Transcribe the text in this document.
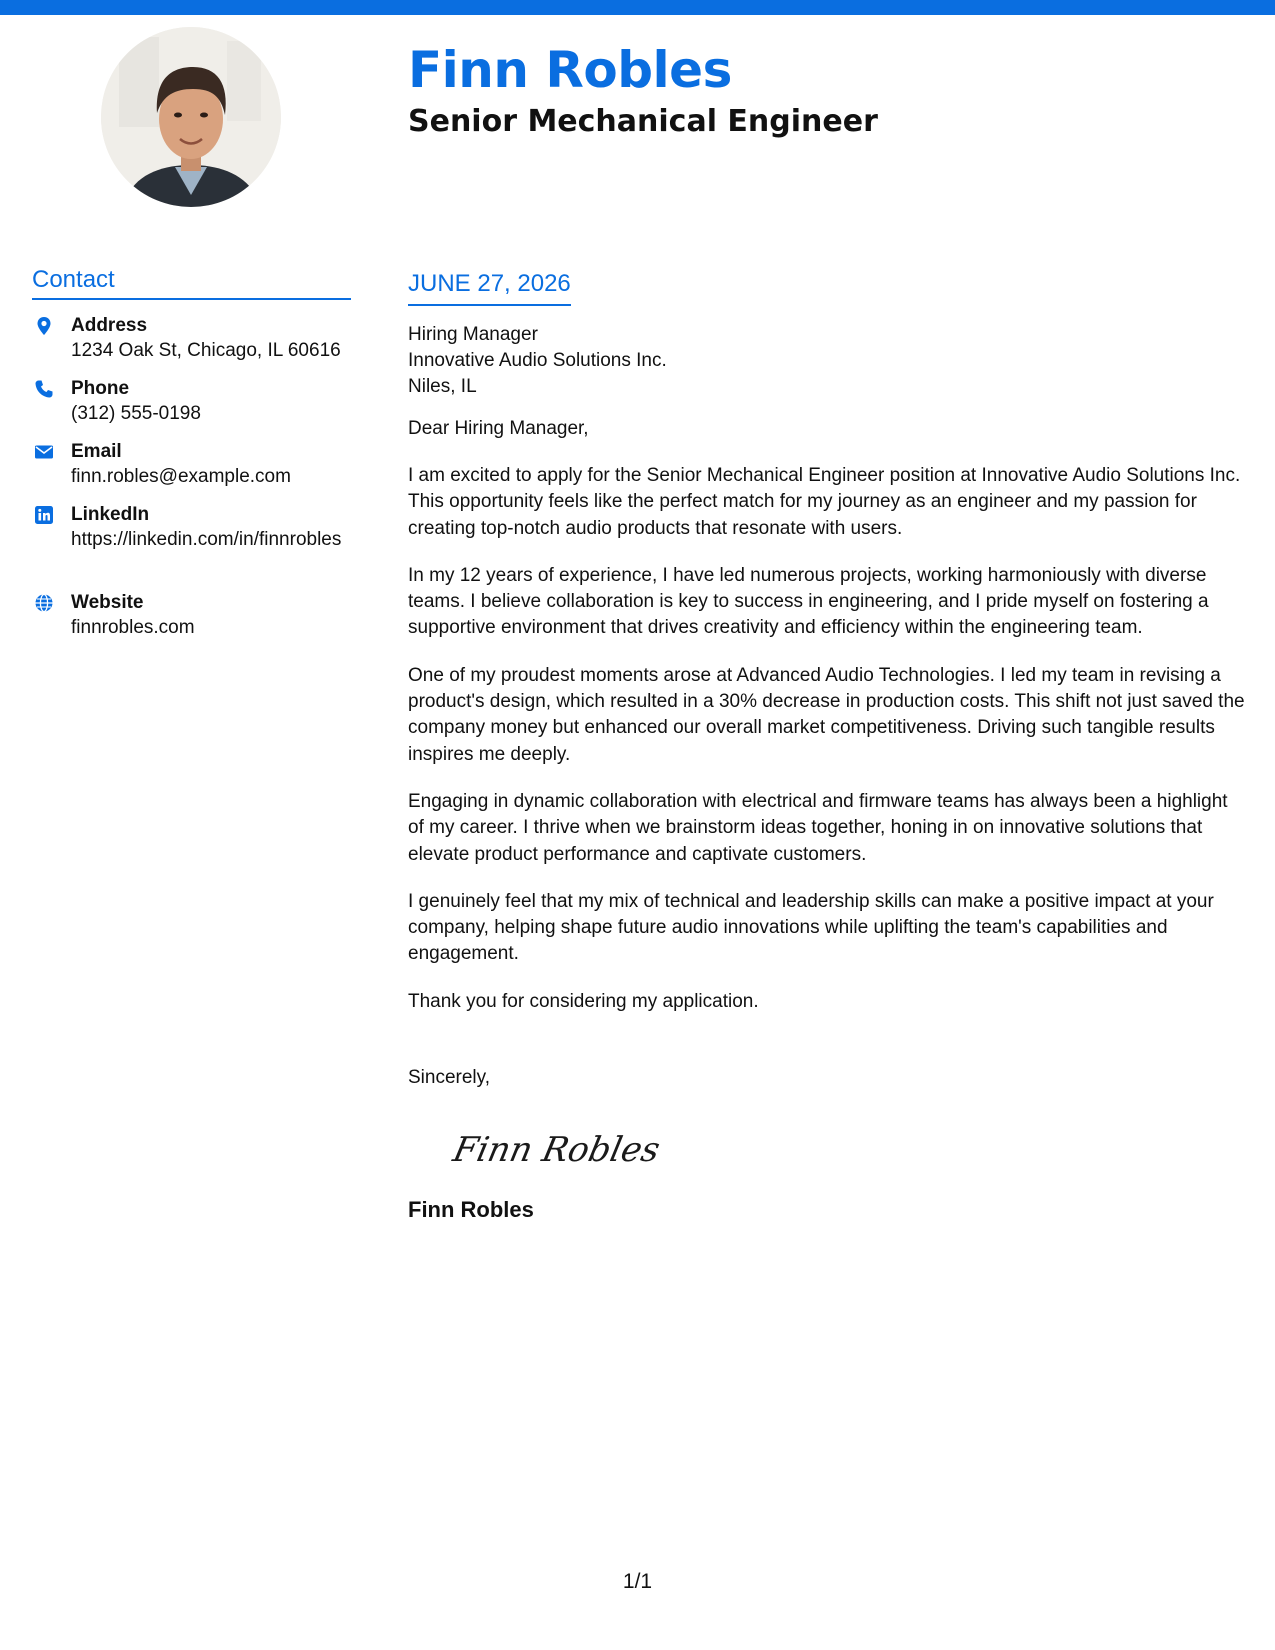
Finn Robles
Senior Mechanical Engineer
Contact
Address
1234 Oak St, Chicago, IL 60616
Phone
(312) 555-0198
Email
finn.robles@example.com
LinkedIn
https://linkedin.com/in/finnrobles
Website
finnrobles.com
JUNE 27, 2026
Hiring Manager
Innovative Audio Solutions Inc.
Niles, IL
Dear Hiring Manager,

I am excited to apply for the Senior Mechanical Engineer position at Innovative Audio Solutions Inc. This opportunity feels like the perfect match for my journey as an engineer and my passion for creating top-notch audio products that resonate with users.

In my 12 years of experience, I have led numerous projects, working harmoniously with diverse teams. I believe collaboration is key to success in engineering, and I pride myself on fostering a supportive environment that drives creativity and efficiency within the engineering team.

One of my proudest moments arose at Advanced Audio Technologies. I led my team in revising a product's design, which resulted in a 30% decrease in production costs. This shift not just saved the company money but enhanced our overall market competitiveness. Driving such tangible results inspires me deeply.

Engaging in dynamic collaboration with electrical and firmware teams has always been a highlight of my career. I thrive when we brainstorm ideas together, honing in on innovative solutions that elevate product performance and captivate customers.

I genuinely feel that my mix of technical and leadership skills can make a positive impact at your company, helping shape future audio innovations while uplifting the team's capabilities and engagement.

Thank you for considering my application.

Sincerely,
Finn Robles
Finn Robles
1/1
